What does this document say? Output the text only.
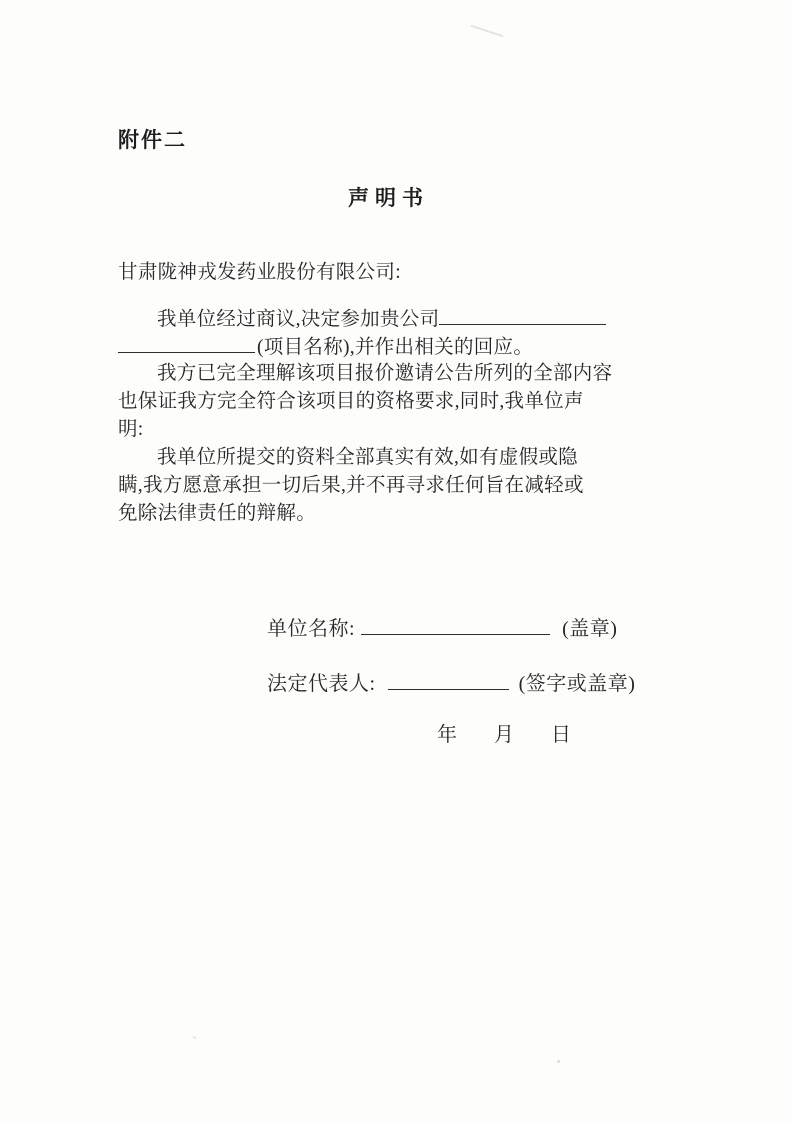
附件二
声明书
甘肃陇神戎发药业股份有限公司:
我单位经过商议,决定参加贵公司
(项目名称),并作出相关的回应。
我方已完全理解该项目报价邀请公告所列的全部内容
也保证我方完全符合该项目的资格要求,同时,我单位声
明:
我单位所提交的资料全部真实有效,如有虚假或隐
瞒,我方愿意承担一切后果,并不再寻求任何旨在减轻或
免除法律责任的辩解。
单位名称:	(盖章)
法定代表人:	(签字或盖章)
年 月 日
